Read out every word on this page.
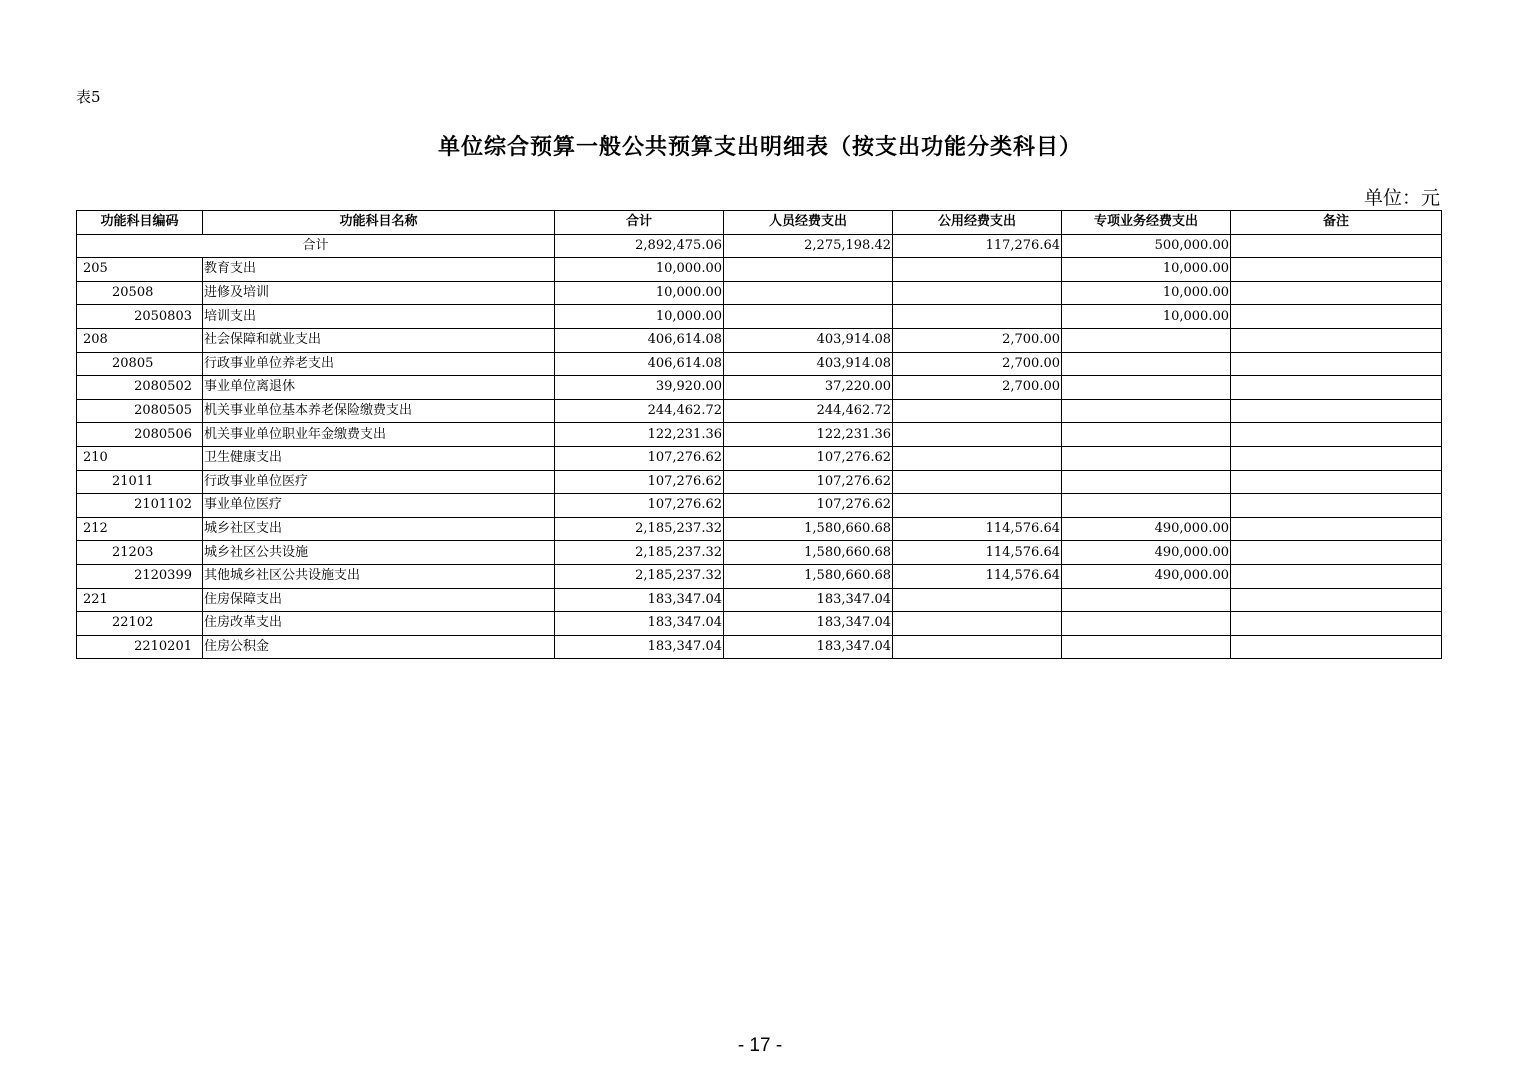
表5
单位综合预算一般公共预算支出明细表（按支出功能分类科目）
单位：元
功能科目编码	功能科目名称	合计	人员经费支出	公用经费支出	专项业务经费支出	备注
合计		2,892,475.06	2,275,198.42	117,276.64	500,000.00	
205	教育支出	10,000.00			10,000.00	
20508	进修及培训	10,000.00			10,000.00	
2050803	培训支出	10,000.00			10,000.00	
208	社会保障和就业支出	406,614.08	403,914.08	2,700.00		
20805	行政事业单位养老支出	406,614.08	403,914.08	2,700.00		
2080502	事业单位离退休	39,920.00	37,220.00	2,700.00		
2080505	机关事业单位基本养老保险缴费支出	244,462.72	244,462.72			
2080506	机关事业单位职业年金缴费支出	122,231.36	122,231.36			
210	卫生健康支出	107,276.62	107,276.62			
21011	行政事业单位医疗	107,276.62	107,276.62			
2101102	事业单位医疗	107,276.62	107,276.62			
212	城乡社区支出	2,185,237.32	1,580,660.68	114,576.64	490,000.00	
21203	城乡社区公共设施	2,185,237.32	1,580,660.68	114,576.64	490,000.00	
2120399	其他城乡社区公共设施支出	2,185,237.32	1,580,660.68	114,576.64	490,000.00	
221	住房保障支出	183,347.04	183,347.04			
22102	住房改革支出	183,347.04	183,347.04			
2210201	住房公积金	183,347.04	183,347.04			
- 17 -
